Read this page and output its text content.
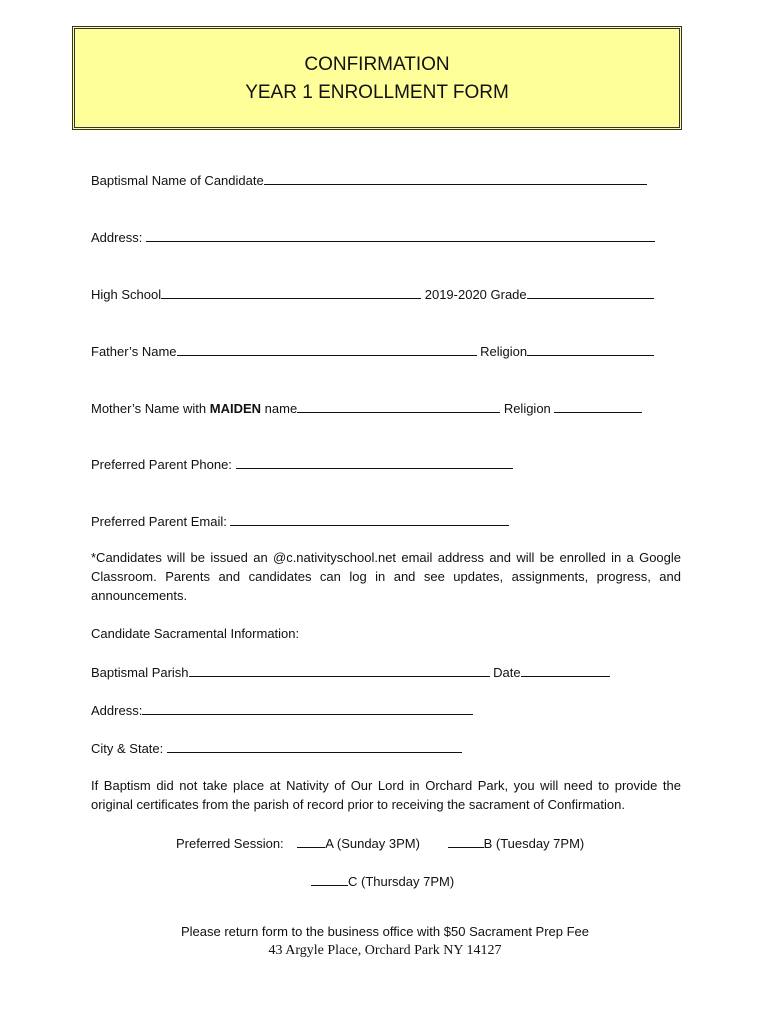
CONFIRMATION
YEAR 1 ENROLLMENT FORM
Baptismal Name of Candidate
Address:
High School	2019-2020 Grade
Father’s Name	Religion
Mother’s Name with MAIDEN name	Religion
Preferred Parent Phone:
Preferred Parent Email:
*Candidates will be issued an @c.nativityschool.net email address and will be enrolled in a Google Classroom. Parents and candidates can log in and see updates, assignments, progress, and announcements.
Candidate Sacramental Information:
Baptismal Parish	Date
Address:
City & State:
If Baptism did not take place at Nativity of Our Lord in Orchard Park, you will need to provide the original certificates from the parish of record prior to receiving the sacrament of Confirmation.
Preferred Session:	A (Sunday 3PM)	B (Tuesday 7PM)
C (Thursday 7PM)
Please return form to the business office with $50 Sacrament Prep Fee
43 Argyle Place, Orchard Park NY 14127
